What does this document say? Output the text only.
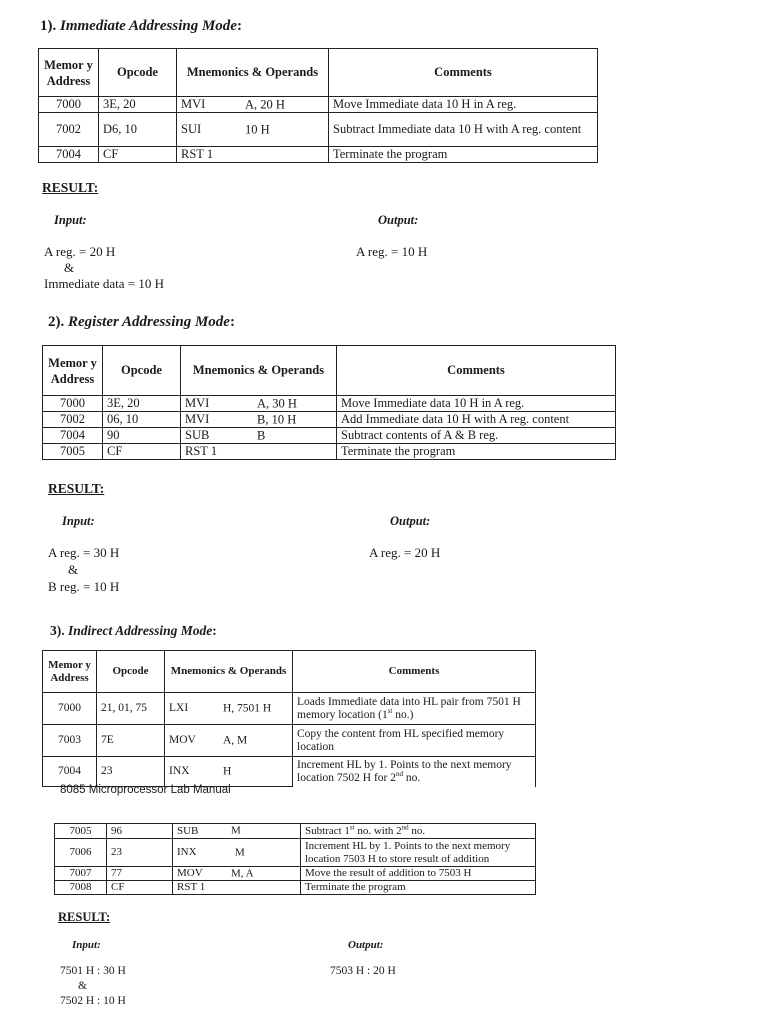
1). Immediate Addressing Mode:
Memor y Address	Opcode	Mnemonics & Operands	Comments
7000	3E, 20	MVI A, 20 H	Move Immediate data 10 H in A reg.
7002	D6, 10	SUI 10 H	Subtract Immediate data 10 H with A reg. content
7004	CF	RST 1	Terminate the program
RESULT:
Input:	Output:
A reg. = 20 H
&
Immediate data = 10 H
A reg. = 10 H
2). Register Addressing Mode:
Memor y Address	Opcode	Mnemonics & Operands	Comments
7000	3E, 20	MVI A, 30 H	Move Immediate data 10 H in A reg.
7002	06, 10	MVI B, 10 H	Add Immediate data 10 H with A reg. content
7004	90	SUB B	Subtract contents of A & B reg.
7005	CF	RST 1	Terminate the program
RESULT:
Input:	Output:
A reg. = 30 H
&
B reg. = 10 H
A reg. = 20 H
3). Indirect Addressing Mode:
Memor y Address	Opcode	Mnemonics & Operands	Comments
7000	21, 01, 75	LXI H, 7501 H	Loads Immediate data into HL pair from 7501 H memory location (1st no.)
7003	7E	MOV A, M	Copy the content from HL specified memory location
7004	23	INX H	Increment HL by 1. Points to the next memory location 7502 H for 2nd no.
8085 Microprocessor Lab Manual
7005	96	SUB M	Subtract 1st no. with 2nd no.
7006	23	INX M	Increment HL by 1. Points to the next memory location 7503 H to store result of addition
7007	77	MOV M, A	Move the result of addition to 7503 H
7008	CF	RST 1	Terminate the program
RESULT:
Input:	Output:
7501 H : 30 H
&
7502 H : 10 H
7503 H : 20 H
